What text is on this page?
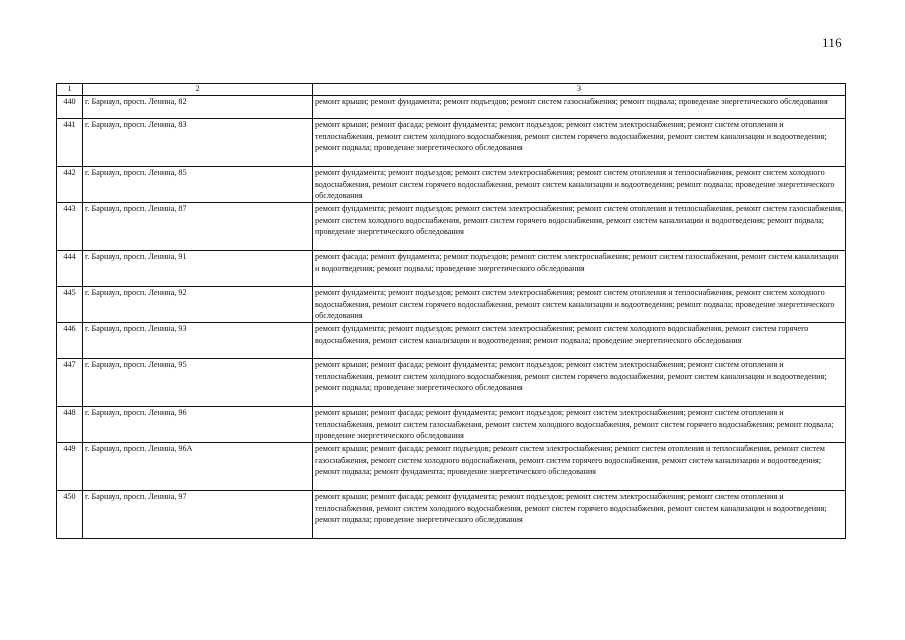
116
1	2	3
440	г. Барнаул, просп. Ленина, 82	ремонт крыши; ремонт фундамента; ремонт подъездов; ремонт систем газоснабжения; ремонт подвала; проведение энергетического обследования
441	г. Барнаул, просп. Ленина, 83	ремонт крыши; ремонт фасада; ремонт фундамента; ремонт подъездов; ремонт систем электроснабжения; ремонт систем отопления и теплоснабжения, ремонт систем холодного водоснабжения, ремонт систем горячего водоснабжения, ремонт систем канализации и водоотведения; ремонт подвала; проведение энергетического обследования
442	г. Барнаул, просп. Ленина, 85	ремонт фундамента; ремонт подъездов; ремонт систем электроснабжения; ремонт систем отопления и теплоснабжения, ремонт систем холодного водоснабжения, ремонт систем горячего водоснабжения, ремонт систем канализации и водоотведения; ремонт подвала; проведение энергетического обследования
443	г. Барнаул, просп. Ленина, 87	ремонт фундамента; ремонт подъездов; ремонт систем электроснабжения; ремонт систем отопления и теплоснабжения, ремонт систем газоснабжения, ремонт систем холодного водоснабжения, ремонт систем горячего водоснабжения, ремонт систем канализации и водоотведения; ремонт подвала; проведение энергетического обследования
444	г. Барнаул, просп. Ленина, 91	ремонт фасада; ремонт фундамента; ремонт подъездов; ремонт систем электроснабжения; ремонт систем газоснабжения, ремонт систем канализации и водоотведения; ремонт подвала; проведение энергетического обследования
445	г. Барнаул, просп. Ленина, 92	ремонт фундамента; ремонт подъездов; ремонт систем электроснабжения; ремонт систем отопления и теплоснабжения, ремонт систем холодного водоснабжения, ремонт систем горячего водоснабжения, ремонт систем канализации и водоотведения; ремонт подвала; проведение энергетического обследования
446	г. Барнаул, просп. Ленина, 93	ремонт фундамента; ремонт подъездов; ремонт систем электроснабжения; ремонт систем холодного водоснабжения, ремонт систем горячего водоснабжения, ремонт систем канализации и водоотведения; ремонт подвала; проведение энергетического обследования
447	г. Барнаул, просп. Ленина, 95	ремонт крыши; ремонт фасада; ремонт фундамента; ремонт подъездов; ремонт систем электроснабжения; ремонт систем отопления и теплоснабжения, ремонт систем холодного водоснабжения, ремонт систем горячего водоснабжения, ремонт систем канализации и водоотведения; ремонт подвала; проведение энергетического обследования
448	г. Барнаул, просп. Ленина, 96	ремонт крыши; ремонт фасада; ремонт фундамента; ремонт подъездов; ремонт систем электроснабжения; ремонт систем отопления и теплоснабжения, ремонт систем газоснабжения, ремонт систем холодного водоснабжения, ремонт систем горячего водоснабжения; ремонт подвала; проведение энергетического обследования
449	г. Барнаул, просп. Ленина, 96А	ремонт крыши; ремонт фасада; ремонт подъездов; ремонт систем электроснабжения; ремонт систем отопления и теплоснабжения, ремонт систем газоснабжения, ремонт систем холодного водоснабжения, ремонт систем горячего водоснабжения, ремонт систем канализации и водоотведения; ремонт подвала; ремонт фундамента; проведение энергетического обследования
450	г. Барнаул, просп. Ленина, 97	ремонт крыши; ремонт фасада; ремонт фундамента; ремонт подъездов; ремонт систем электроснабжения; ремонт систем отопления и теплоснабжения, ремонт систем холодного водоснабжения, ремонт систем горячего водоснабжения, ремонт систем канализации и водоотведения; ремонт подвала; проведение энергетического обследования
